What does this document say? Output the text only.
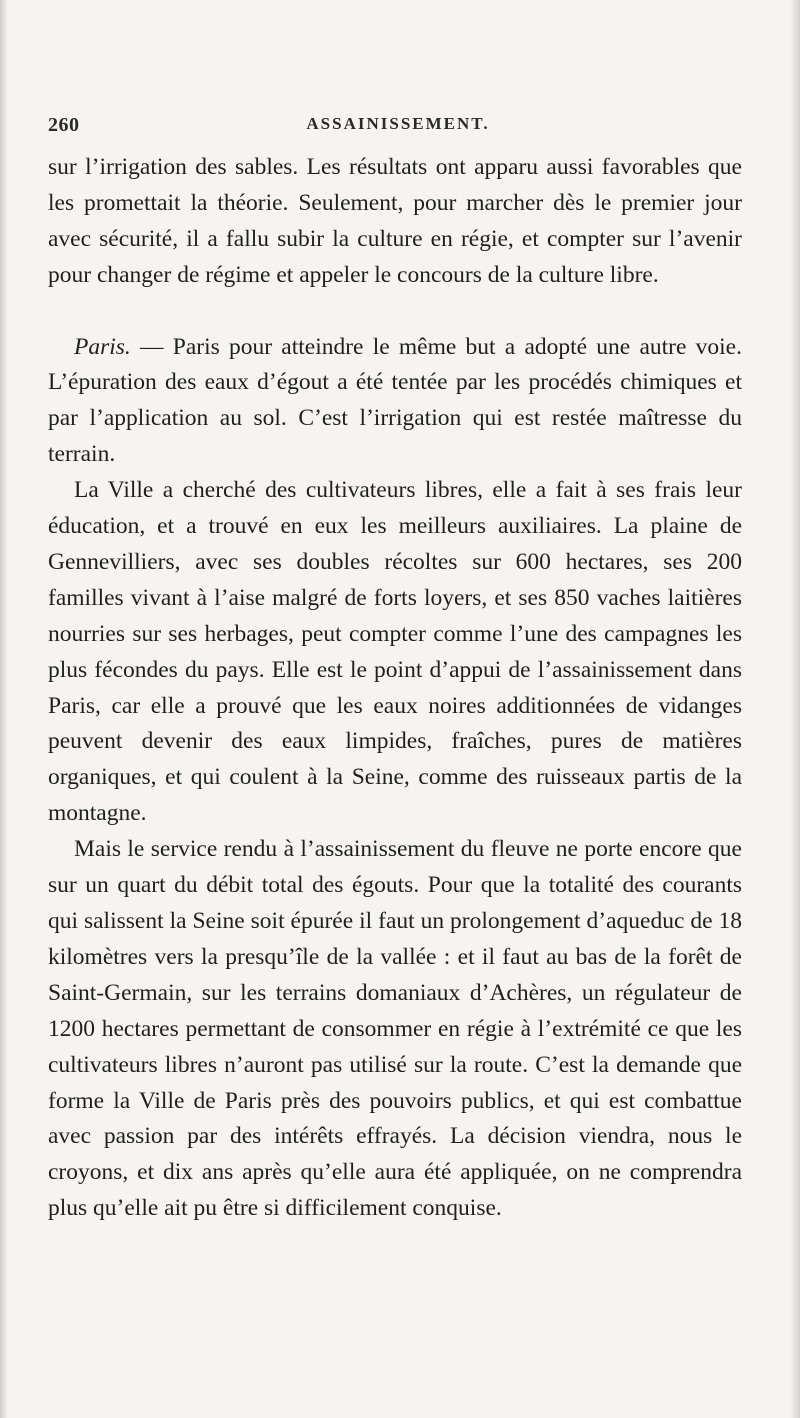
260	ASSAINISSEMENT.

sur l’irrigation des sables. Les résultats ont apparu aussi favorables que les promettait la théorie. Seulement, pour marcher dès le premier jour avec sécurité, il a fallu subir la culture en régie, et compter sur l’avenir pour changer de régime et appeler le concours de la culture libre.

Paris. — Paris pour atteindre le même but a adopté une autre voie. L’épuration des eaux d’égout a été tentée par les procédés chimiques et par l’application au sol. C’est l’irrigation qui est restée maîtresse du terrain.

La Ville a cherché des cultivateurs libres, elle a fait à ses frais leur éducation, et a trouvé en eux les meilleurs auxiliaires. La plaine de Gennevilliers, avec ses doubles récoltes sur 600 hectares, ses 200 familles vivant à l’aise malgré de forts loyers, et ses 850 vaches laitières nourries sur ses herbages, peut compter comme l’une des campagnes les plus fécondes du pays. Elle est le point d’appui de l’assainissement dans Paris, car elle a prouvé que les eaux noires additionnées de vidanges peuvent devenir des eaux limpides, fraîches, pures de matières organiques, et qui coulent à la Seine, comme des ruisseaux partis de la montagne.

Mais le service rendu à l’assainissement du fleuve ne porte encore que sur un quart du débit total des égouts. Pour que la totalité des courants qui salissent la Seine soit épurée il faut un prolongement d’aqueduc de 18 kilomètres vers la presqu’île de la vallée : et il faut au bas de la forêt de Saint-Germain, sur les terrains domaniaux d’Achères, un régulateur de 1200 hectares permettant de consommer en régie à l’extrémité ce que les cultivateurs libres n’auront pas utilisé sur la route. C’est la demande que forme la Ville de Paris près des pouvoirs publics, et qui est combattue avec passion par des intérêts effrayés. La décision viendra, nous le croyons, et dix ans après qu’elle aura été appliquée, on ne comprendra plus qu’elle ait pu être si difficilement conquise.
